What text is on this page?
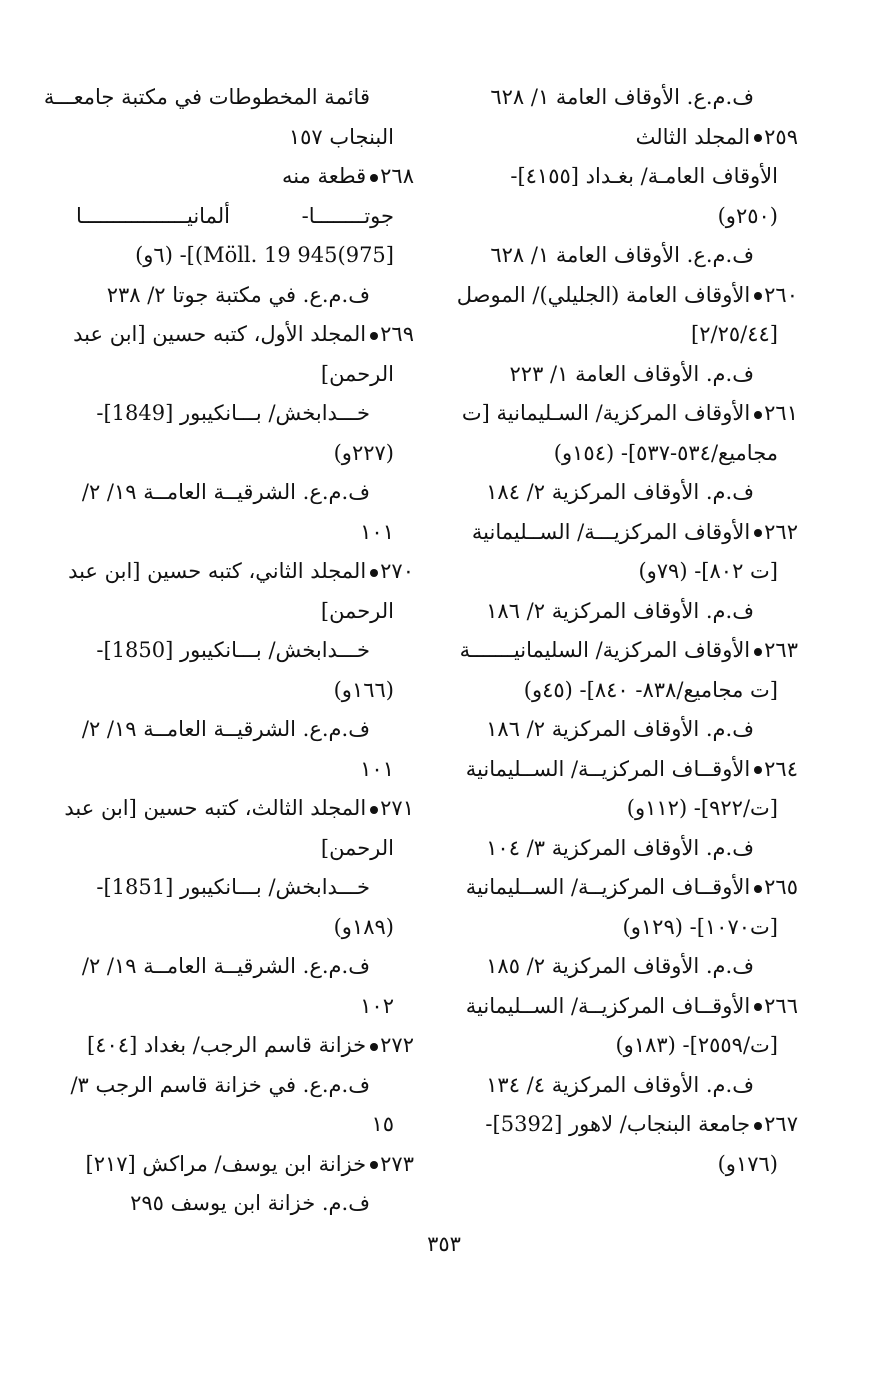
ف.م.ع. الأوقاف العامة ١/ ٦٢٨
٢٥٩المجلد الثالث
الأوقاف العامـة/ بغـداد [٤١٥٥]-
(٢٥٠و)
ف.م.ع. الأوقاف العامة ١/ ٦٢٨
٢٦٠الأوقاف العامة (الجليلي)/ الموصل
[٢/٢٥/٤٤]
ف.م. الأوقاف العامة ١/ ٢٢٣
٢٦١الأوقاف المركزية/ السـليمانية [ت
مجاميع/٥٣٤-٥٣٧]- (١٥٤و)
ف.م. الأوقاف المركزية ٢/ ١٨٤
٢٦٢الأوقاف المركزيـــة/ الســليمانية
[ت ٨٠٢]- (٧٩و)
ف.م. الأوقاف المركزية ٢/ ١٨٦
٢٦٣الأوقاف المركزية/ السليمانيـــــــة
[ت مجاميع/٨٣٨- ٨٤٠]- (٤٥و)
ف.م. الأوقاف المركزية ٢/ ١٨٦
٢٦٤الأوقــاف المركزيــة/ الســليمانية
[ت/٩٢٢]- (١١٢و)
ف.م. الأوقاف المركزية ٣/ ١٠٤
٢٦٥الأوقــاف المركزيــة/ الســليمانية
[ت١٠٧٠]- (١٢٩و)
ف.م. الأوقاف المركزية ٢/ ١٨٥
٢٦٦الأوقــاف المركزيــة/ الســليمانية
[ت/٢٥٥٩]- (١٨٣و)
ف.م. الأوقاف المركزية ٤/ ١٣٤
٢٦٧جامعة البنجاب/ لاهور [5392]-
(١٧٦و)
قائمة المخطوطات في مكتبة جامعـــة
البنجاب ١٥٧
٢٦٨قطعة منه
جوتــــــــا- ألمانيـــــــــــــــــا
[975)945 Möll. 19)]- (٦و)
ف.م.ع. في مكتبة جوتا ٢/ ٢٣٨
٢٦٩المجلد الأول، كتبه حسين [ابن عبد
الرحمن]
خـــدابخش/ بـــانكيبور [1849]-
(٢٢٧و)
ف.م.ع. الشرقيــة العامــة ١٩/ ٢/
١٠١
٢٧٠المجلد الثاني، كتبه حسين [ابن عبد
الرحمن]
خـــدابخش/ بـــانكيبور [1850]-
(١٦٦و)
ف.م.ع. الشرقيــة العامــة ١٩/ ٢/
١٠١
٢٧١المجلد الثالث، كتبه حسين [ابن عبد
الرحمن]
خـــدابخش/ بـــانكيبور [1851]-
(١٨٩و)
ف.م.ع. الشرقيــة العامــة ١٩/ ٢/
١٠٢
٢٧٢خزانة قاسم الرجب/ بغداد [٤٠٤]
ف.م.ع. في خزانة قاسم الرجب ٣/
١٥
٢٧٣خزانة ابن يوسف/ مراكش [٢١٧]
ف.م. خزانة ابن يوسف ٢٩٥
٣٥٣
